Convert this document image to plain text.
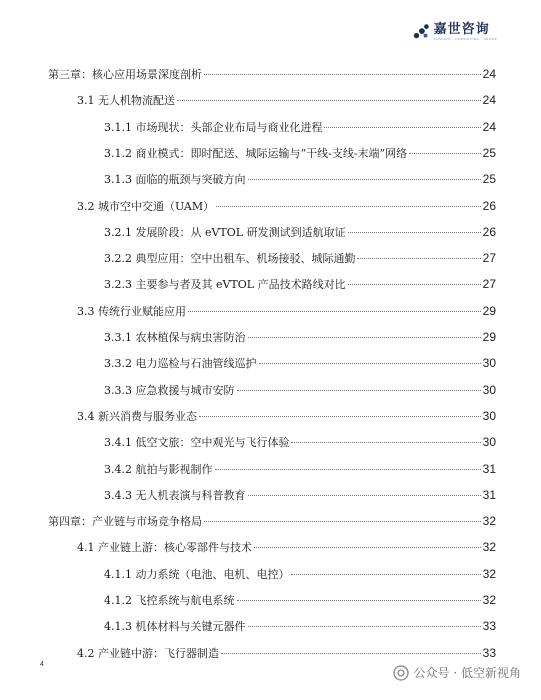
嘉世咨询
KANGSHI · CONSULTING · GROUP
第三章：核心应用场景深度剖析	24
3.1 无人机物流配送	24
3.1.1 市场现状：头部企业布局与商业化进程	24
3.1.2 商业模式：即时配送、城际运输与“干线-支线-末端”网络	25
3.1.3 面临的瓶颈与突破方向	25
3.2 城市空中交通（UAM）	26
3.2.1 发展阶段：从 eVTOL 研发测试到适航取证	26
3.2.2 典型应用：空中出租车、机场接驳、城际通勤	27
3.2.3 主要参与者及其 eVTOL 产品技术路线对比	27
3.3 传统行业赋能应用	29
3.3.1 农林植保与病虫害防治	29
3.3.2 电力巡检与石油管线巡护	30
3.3.3 应急救援与城市安防	30
3.4 新兴消费与服务业态	30
3.4.1 低空文旅：空中观光与飞行体验	30
3.4.2 航拍与影视制作	31
3.4.3 无人机表演与科普教育	31
第四章：产业链与市场竞争格局	32
4.1 产业链上游：核心零部件与技术	32
4.1.1 动力系统（电池、电机、电控）	32
4.1.2 飞控系统与航电系统	32
4.1.3 机体材料与关键元器件	33
4.2 产业链中游：飞行器制造	33
4
公众号 · 低空新视角
